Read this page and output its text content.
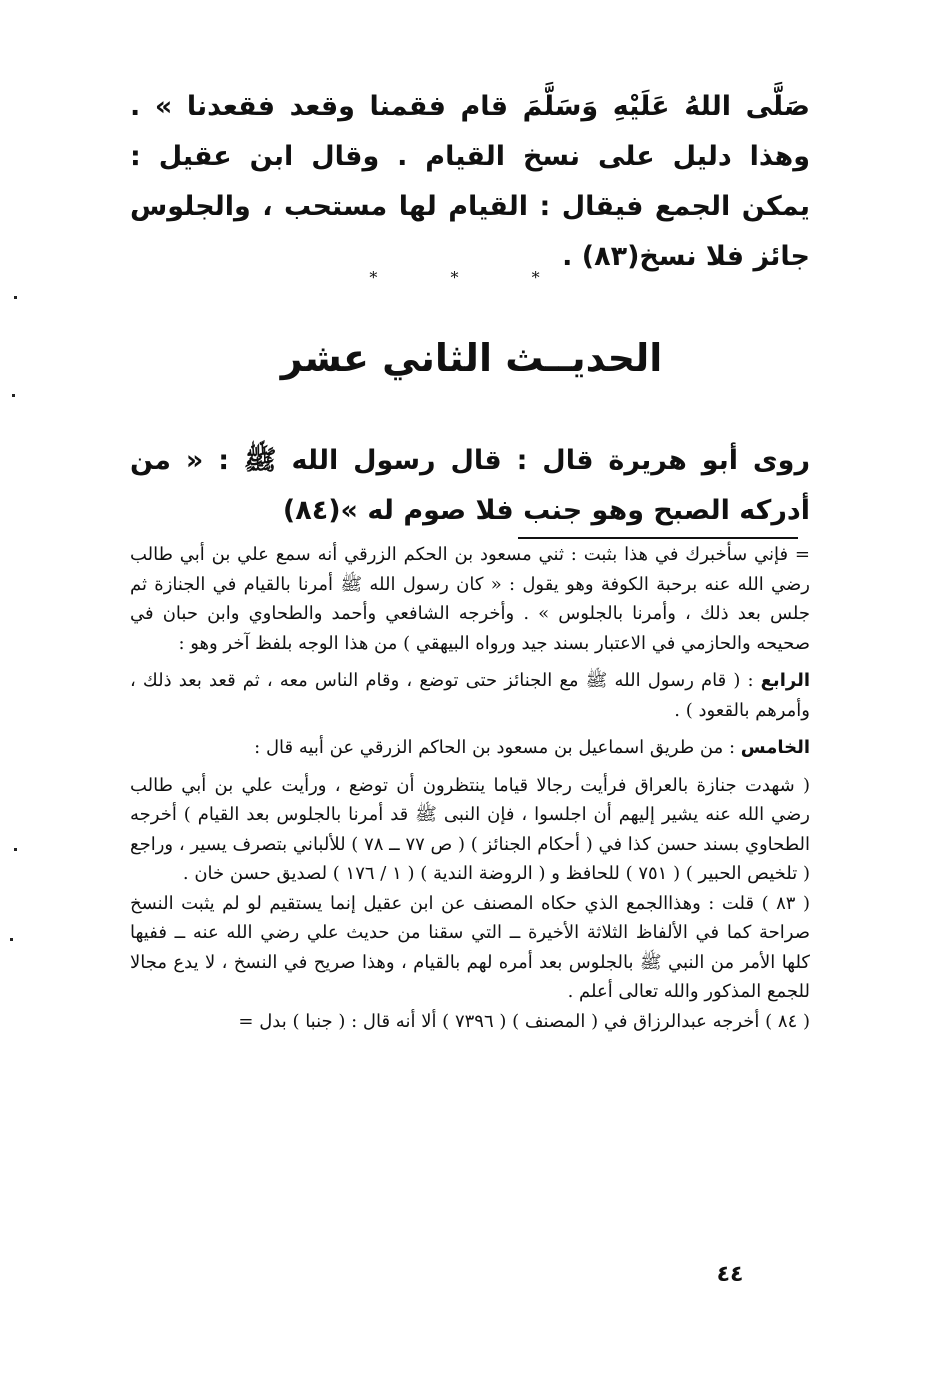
صَلَّى اللهُ عَلَيْهِ وَسَلَّمَ قام فقمنا وقعد فقعدنا » . وهذا دليل على نسخ القيام . وقال ابن عقيل : يمكن الجمع فيقال : القيام لها مستحب ، والجلوس جائز فلا نسخ(٨٣) .

* * *

الحديــث الثاني عشر

روى أبو هريرة قال : قال رسول الله ﷺ : « من أدركه الصبح وهو جنب فلا صوم له »(٨٤)

= فإني سأخبرك في هذا بثبت : ثني مسعود بن الحكم الزرقي أنه سمع علي بن أبي طالب رضي الله عنه برحبة الكوفة وهو يقول : « كان رسول الله ﷺ أمرنا بالقيام في الجنازة ثم جلس بعد ذلك ، وأمرنا بالجلوس » . وأخرجه الشافعي وأحمد والطحاوي وابن حبان في صحيحه والحازمي في الاعتبار بسند جيد ورواه البيهقي ) من هذا الوجه بلفظ آخر وهو :

الرابع : ( قام رسول الله ﷺ مع الجنائز حتى توضع ، وقام الناس معه ، ثم قعد بعد ذلك ، وأمرهم بالقعود ) .

الخامس : من طريق اسماعيل بن مسعود بن الحاكم الزرقي عن أبيه قال :

( شهدت جنازة بالعراق فرأيت رجالا قياما ينتظرون أن توضع ، ورأيت علي بن أبي طالب رضي الله عنه يشير إليهم أن اجلسوا ، فإن النبى ﷺ قد أمرنا بالجلوس بعد القيام ) أخرجه الطحاوي بسند حسن كذا في ( أحكام الجنائز ) ( ص ٧٧ ــ ٧٨ ) للألباني بتصرف يسير ، وراجع ( تلخيص الحبير ) ( ٧٥١ ) للحافظ و ( الروضة الندية ) ( ١ / ١٧٦ ) لصديق حسن خان .

( ٨٣ ) قلت : وهذاالجمع الذي حكاه المصنف عن ابن عقيل إنما يستقيم لو لم يثبت النسخ صراحة كما في الألفاظ الثلاثة الأخيرة ــ التي سقنا من حديث علي رضي الله عنه ــ ففيها كلها الأمر من النبي ﷺ بالجلوس بعد أمره لهم بالقيام ، وهذا صريح في النسخ ، لا يدع مجالا للجمع المذكور والله تعالى أعلم .

( ٨٤ ) أخرجه عبدالرزاق في ( المصنف ) ( ٧٣٩٦ ) ألا أنه قال : ( جنبا ) بدل =

٤٤
